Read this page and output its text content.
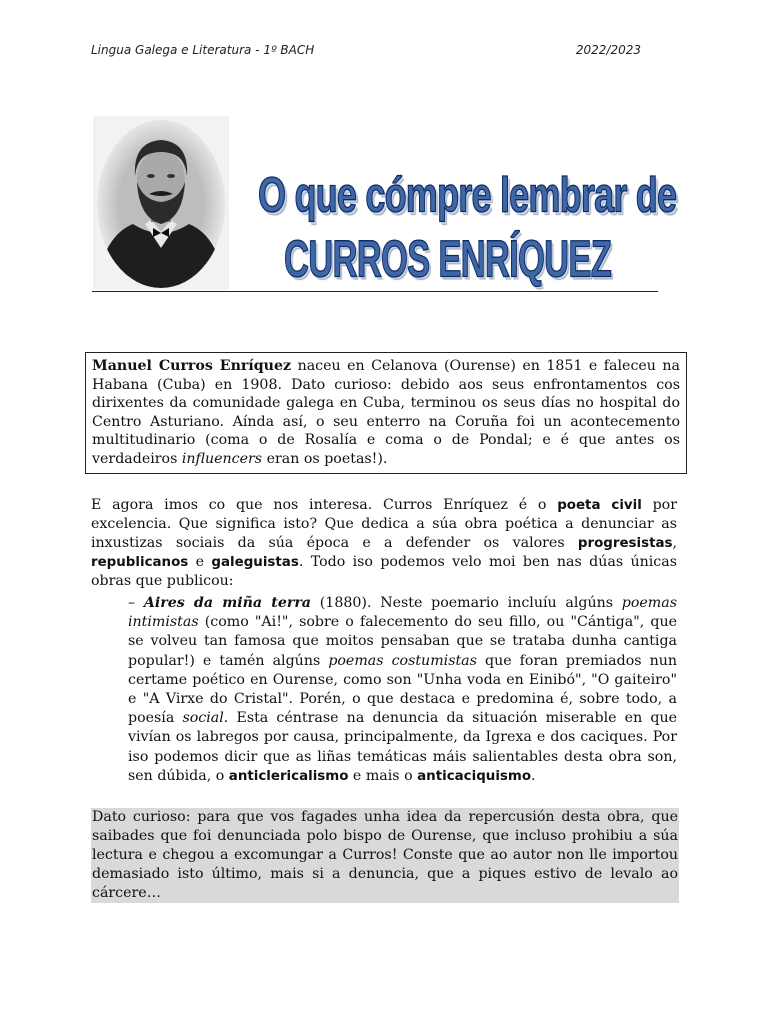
Lingua Galega e Literatura - 1º BACH	2022/2023
O que cómpre lembrar de
CURROS ENRÍQUEZ
Manuel Curros Enríquez naceu en Celanova (Ourense) en 1851 e faleceu na Habana (Cuba) en 1908. Dato curioso: debido aos seus enfrontamentos cos dirixentes da comunidade galega en Cuba, terminou os seus días no hospital do Centro Asturiano. Aínda así, o seu enterro na Coruña foi un acontecemento multitudinario (coma o de Rosalía e coma o de Pondal; e é que antes os verdadeiros influencers eran os poetas!).
E agora imos co que nos interesa. Curros Enríquez é o poeta civil por excelencia. Que significa isto? Que dedica a súa obra poética a denunciar as inxustizas sociais da súa época e a defender os valores progresistas, republicanos e galeguistas. Todo iso podemos velo moi ben nas dúas únicas obras que publicou:
– Aires da miña terra (1880). Neste poemario incluíu algúns poemas intimistas (como "Ai!", sobre o falecemento do seu fillo, ou "Cántiga", que se volveu tan famosa que moitos pensaban que se trataba dunha cantiga popular!) e tamén algúns poemas costumistas que foran premiados nun certame poético en Ourense, como son "Unha voda en Einibó", "O gaiteiro" e "A Virxe do Cristal". Porén, o que destaca e predomina é, sobre todo, a poesía social. Esta céntrase na denuncia da situación miserable en que vivían os labregos por causa, principalmente, da Igrexa e dos caciques. Por iso podemos dicir que as liñas temáticas máis salientables desta obra son, sen dúbida, o anticlericalismo e mais o anticaciquismo.
Dato curioso: para que vos fagades unha idea da repercusión desta obra, que saibades que foi denunciada polo bispo de Ourense, que incluso prohibiu a súa lectura e chegou a excomungar a Curros! Conste que ao autor non lle importou demasiado isto último, mais si a denuncia, que a piques estivo de levalo ao cárcere…
